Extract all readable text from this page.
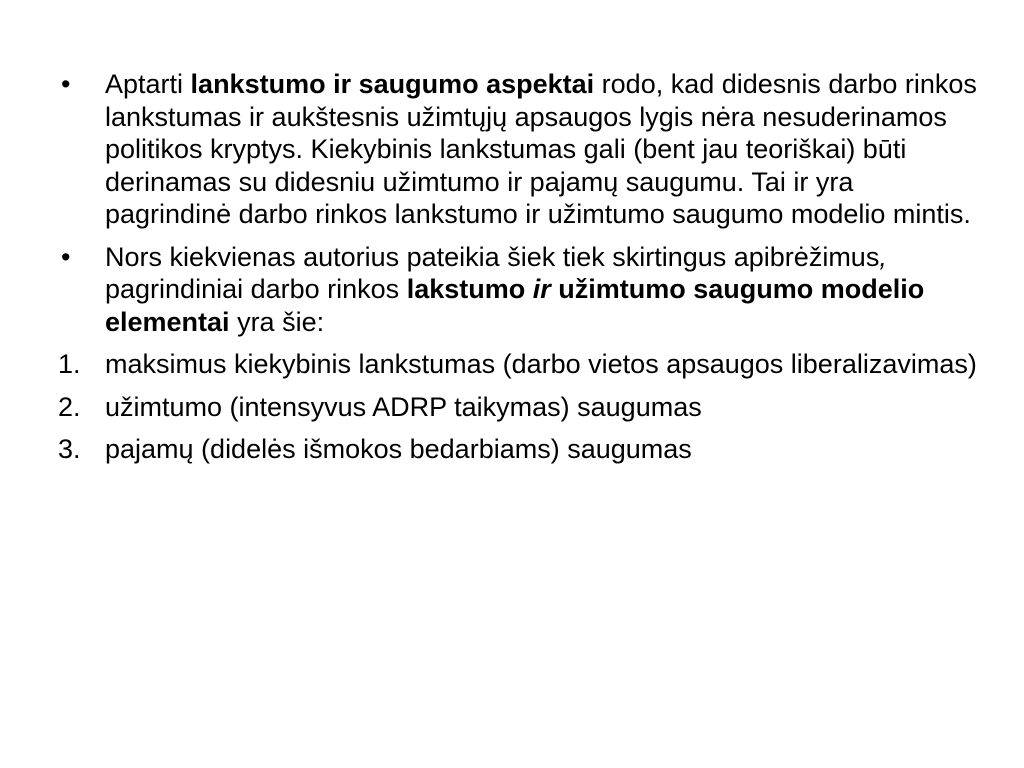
•	Aptarti lankstumo ir saugumo aspektai rodo, kad didesnis darbo rinkos lankstumas ir aukštesnis užimtųjų apsaugos lygis nėra nesuderinamos politikos kryptys. Kiekybinis lankstumas gali (bent jau teoriškai) būti derinamas su didesniu užimtumo ir pajamų saugumu. Tai ir yra pagrindinė darbo rinkos lankstumo ir užimtumo saugumo modelio mintis.
•	Nors kiekvienas autorius pateikia šiek tiek skirtingus apibrėžimus, pagrindiniai darbo rinkos lakstumo ir užimtumo saugumo modelio elementai yra šie:
1. maksimus kiekybinis lankstumas (darbo vietos apsaugos liberalizavimas)
2. užimtumo (intensyvus ADRP taikymas) saugumas
3. pajamų (didelės išmokos bedarbiams) saugumas
